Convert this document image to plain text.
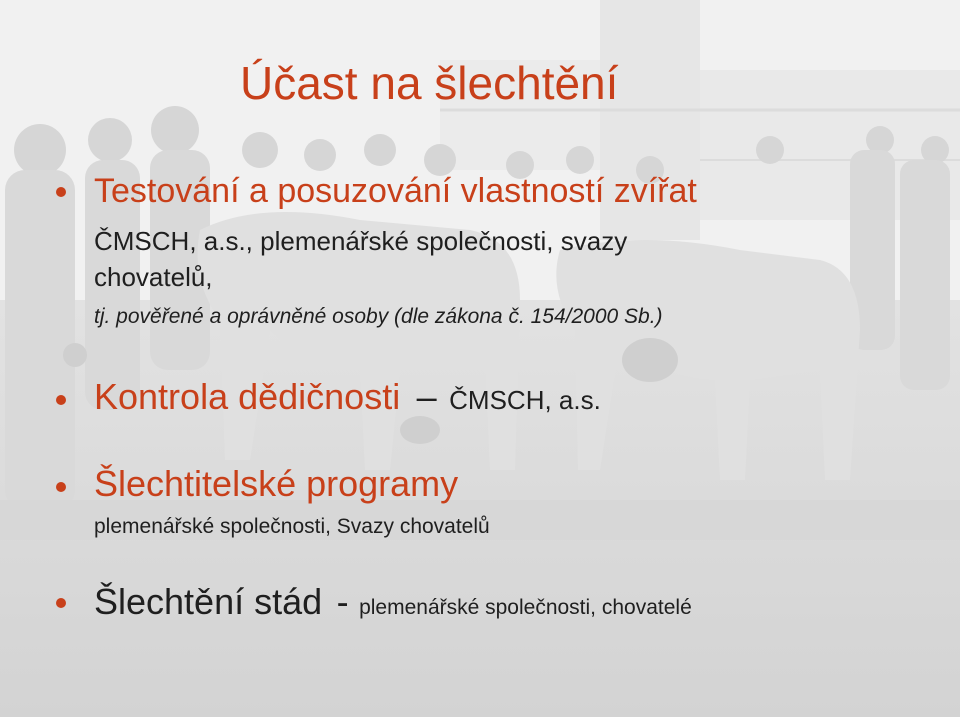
Účast na šlechtění
Testování a posuzování vlastností zvířat
ČMSCH, a.s., plemenářské společnosti, svazy
chovatelů,
tj. pověřené a oprávněné osoby (dle zákona č. 154/2000 Sb.)
Kontrola dědičnosti – ČMSCH, a.s.
Šlechtitelské programy
plemenářské společnosti, Svazy chovatelů
Šlechtění stád - plemenářské společnosti, chovatelé
